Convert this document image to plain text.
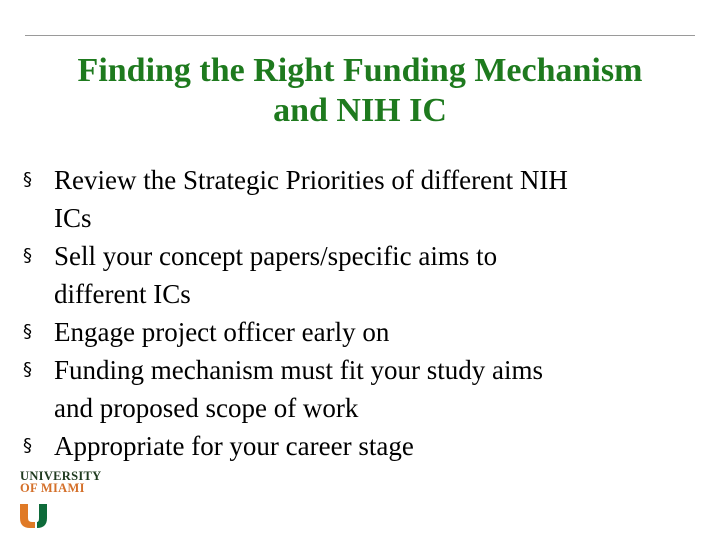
Finding the Right Funding Mechanism
and NIH IC
§ Review the Strategic Priorities of different NIH
ICs
§ Sell your concept papers/specific aims to
different ICs
§ Engage project officer early on
§ Funding mechanism must fit your study aims
and proposed scope of work
§ Appropriate for your career stage
UNIVERSITY
OF MIAMI
